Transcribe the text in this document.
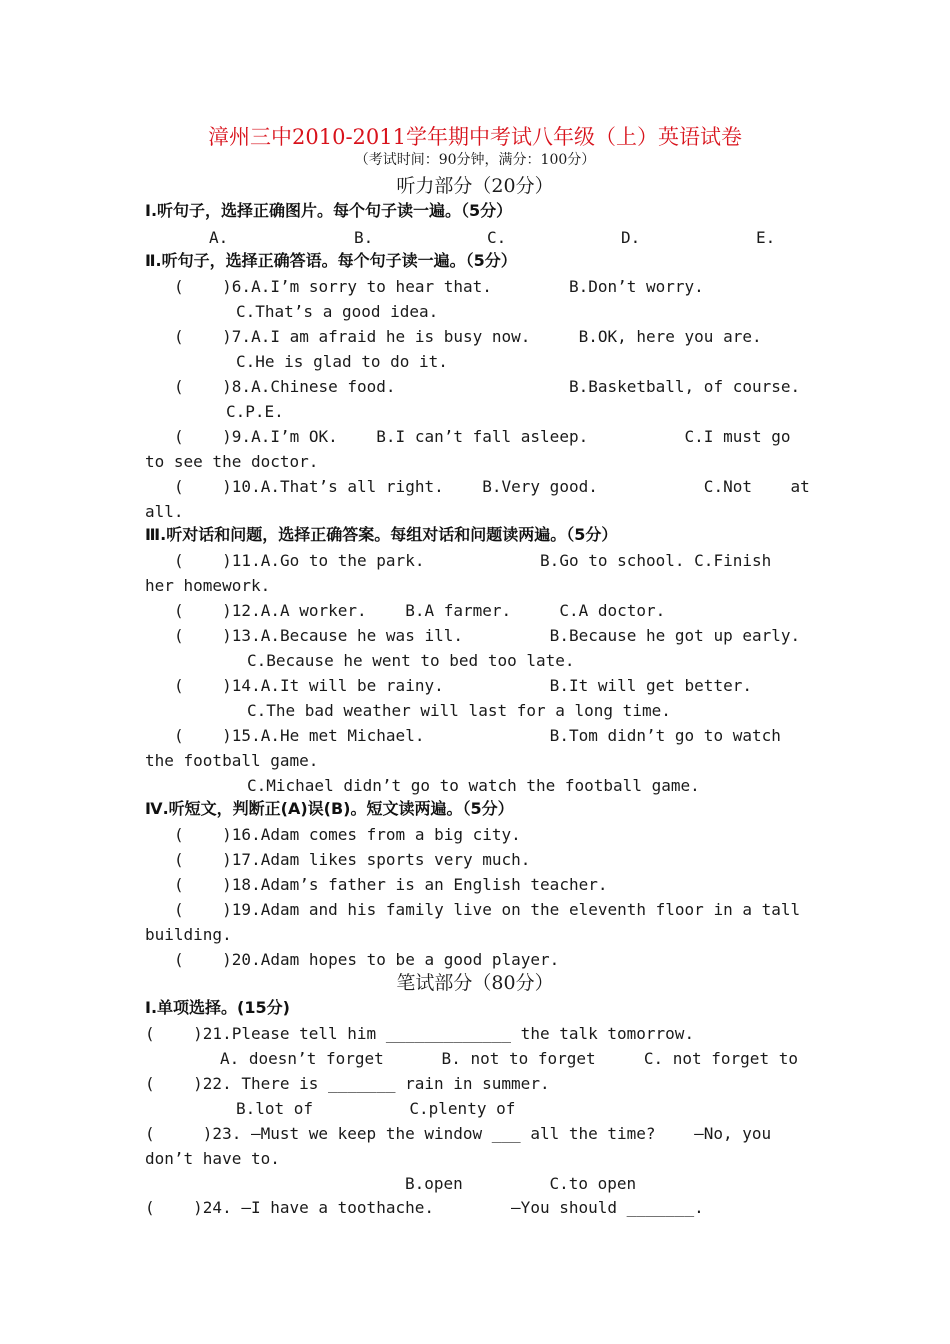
漳州三中2010-2011学年期中考试八年级（上）英语试卷
（考试时间：90分钟，满分：100分）
听力部分（20分）
Ⅰ.听句子，选择正确图片。每个句子读一遍。（5分）
A.	B.	C.	D.	E.
Ⅱ.听句子，选择正确答语。每个句子读一遍。（5分）
(    )6.A.I’m sorry to hear that.        B.Don’t worry.
C.That’s a good idea.
(    )7.A.I am afraid he is busy now.     B.OK, here you are.
C.He is glad to do it.
(    )8.A.Chinese food.                  B.Basketball, of course.
C.P.E.
(    )9.A.I’m OK.    B.I can’t fall asleep.          C.I must go
to see the doctor.
(    )10.A.That’s all right.    B.Very good.           C.Not    at
all.
Ⅲ.听对话和问题，选择正确答案。每组对话和问题读两遍。（5分）
(    )11.A.Go to the park.            B.Go to school. C.Finish
her homework.
(    )12.A.A worker.    B.A farmer.     C.A doctor.
(    )13.A.Because he was ill.         B.Because he got up early.
C.Because he went to bed too late.
(    )14.A.It will be rainy.           B.It will get better.
C.The bad weather will last for a long time.
(    )15.A.He met Michael.             B.Tom didn’t go to watch
the football game.
C.Michael didn’t go to watch the football game.
Ⅳ.听短文，判断正(A)误(B)。短文读两遍。（5分）
(    )16.Adam comes from a big city.
(    )17.Adam likes sports very much.
(    )18.Adam’s father is an English teacher.
(    )19.Adam and his family live on the eleventh floor in a tall
building.
(    )20.Adam hopes to be a good player.
笔试部分（80分）
I.单项选择。(15分)
(    )21.Please tell him _____________ the talk tomorrow.
A. doesn’t forget      B. not to forget     C. not forget to
(    )22. There is _______ rain in summer.
B.lot of          C.plenty of
(     )23. —Must we keep the window ___ all the time?    —No, you
don’t have to.
B.open         C.to open
(    )24. —I have a toothache.        —You should _______.
